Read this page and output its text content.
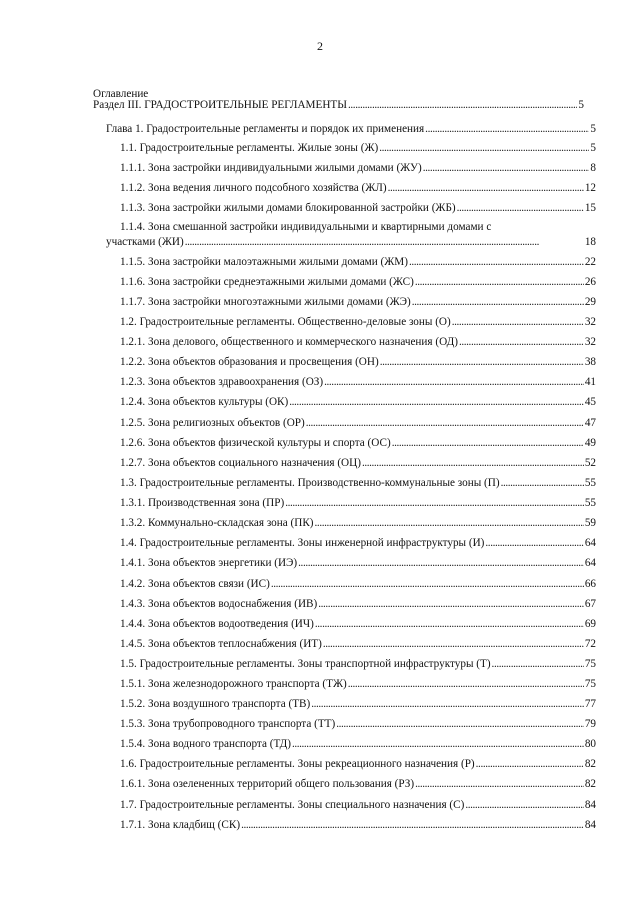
2
Оглавление
Раздел III. ГРАДОСТРОИТЕЛЬНЫЕ РЕГЛАМЕНТЫ . . .	5
Глава 1. Градостроительные регламенты и порядок их применения . . .	5
1.1. Градостроительные регламенты. Жилые зоны (Ж) . . .	5
1.1.1. Зона застройки индивидуальными жилыми домами (ЖУ) . . .	8
1.1.2. Зона ведения личного подсобного хозяйства (ЖЛ) . . .	12
1.1.3. Зона застройки жилыми домами блокированной застройки (ЖБ) . . .	15
1.1.4. Зона смешанной застройки индивидуальными и квартирными домами с
участками (ЖИ) . . .	18
1.1.5. Зона застройки малоэтажными жилыми домами (ЖМ) . . .	22
1.1.6. Зона застройки среднеэтажными жилыми домами (ЖС) . . .	26
1.1.7. Зона застройки многоэтажными жилыми домами (ЖЭ) . . .	29
1.2. Градостроительные регламенты. Общественно-деловые зоны (О) . . .	32
1.2.1. Зона делового, общественного и коммерческого назначения (ОД) . . .	32
1.2.2. Зона объектов образования и просвещения (ОН) . . .	38
1.2.3. Зона объектов здравоохранения (ОЗ) . . .	41
1.2.4. Зона объектов культуры (ОК) . . .	45
1.2.5. Зона религиозных объектов (ОР) . . .	47
1.2.6. Зона объектов физической культуры и спорта (ОС) . . .	49
1.2.7. Зона объектов социального назначения (ОЦ) . . .	52
1.3. Градостроительные регламенты. Производственно-коммунальные зоны (П) . . .	55
1.3.1. Производственная зона (ПР) . . .	55
1.3.2. Коммунально-складская зона (ПК) . . .	59
1.4. Градостроительные регламенты. Зоны инженерной инфраструктуры (И) . . .	64
1.4.1. Зона объектов энергетики (ИЭ) . . .	64
1.4.2. Зона объектов связи (ИС) . . .	66
1.4.3. Зона объектов водоснабжения (ИВ) . . .	67
1.4.4. Зона объектов водоотведения (ИЧ) . . .	69
1.4.5. Зона объектов теплоснабжения (ИТ) . . .	72
1.5. Градостроительные регламенты. Зоны транспортной инфраструктуры (Т) . . .	75
1.5.1. Зона железнодорожного транспорта (ТЖ) . . .	75
1.5.2. Зона воздушного транспорта (ТВ) . . .	77
1.5.3. Зона трубопроводного транспорта (ТТ) . . .	79
1.5.4. Зона водного транспорта (ТД) . . .	80
1.6. Градостроительные регламенты. Зоны рекреационного назначения (Р) . . .	82
1.6.1. Зона озелененных территорий общего пользования (РЗ) . . .	82
1.7. Градостроительные регламенты. Зоны специального назначения (С) . . .	84
1.7.1. Зона кладбищ (СК) . . .	84
